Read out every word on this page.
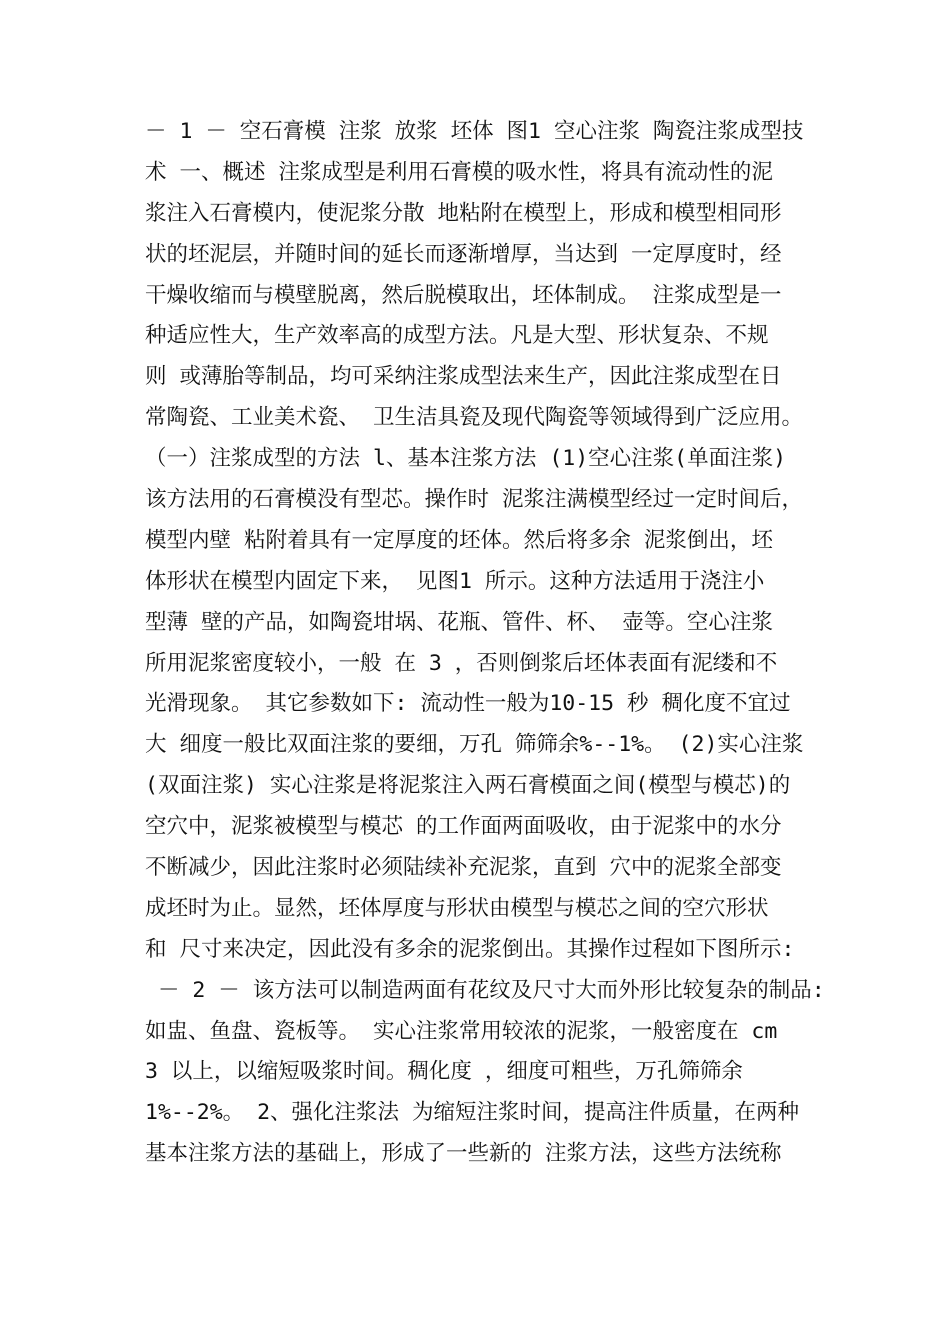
－ 1 － 空石膏模 注浆 放浆 坯体 图1 空心注浆 陶瓷注浆成型技

术 一、概述 注浆成型是利用石膏模的吸水性，将具有流动性的泥

浆注入石膏模内，使泥浆分散 地粘附在模型上，形成和模型相同形

状的坯泥层，并随时间的延长而逐渐增厚，当达到 一定厚度时，经

干燥收缩而与模壁脱离，然后脱模取出，坯体制成。 注浆成型是一

种适应性大，生产效率高的成型方法。凡是大型、形状复杂、不规

则 或薄胎等制品，均可采纳注浆成型法来生产，因此注浆成型在日

常陶瓷、工业美术瓷、 卫生洁具瓷及现代陶瓷等领域得到广泛应用。

（一）注浆成型的方法 l、基本注浆方法 (1)空心注浆(单面注浆)

该方法用的石膏模没有型芯。操作时 泥浆注满模型经过一定时间后，

模型内壁 粘附着具有一定厚度的坯体。然后将多余 泥浆倒出，坯

体形状在模型内固定下来， 见图1 所示。这种方法适用于浇注小

型薄 壁的产品，如陶瓷坩埚、花瓶、管件、杯、 壶等。空心注浆

所用泥浆密度较小，一般 在 3 ，否则倒浆后坯体表面有泥缕和不

光滑现象。 其它参数如下: 流动性一般为10-15 秒 稠化度不宜过

大 细度一般比双面注浆的要细，万孔 筛筛余%--1%。 (2)实心注浆

(双面注浆) 实心注浆是将泥浆注入两石膏模面之间(模型与模芯)的

空穴中，泥浆被模型与模芯 的工作面两面吸收，由于泥浆中的水分

不断减少，因此注浆时必须陆续补充泥浆，直到 穴中的泥浆全部变

成坯时为止。显然，坯体厚度与形状由模型与模芯之间的空穴形状

和 尺寸来决定，因此没有多余的泥浆倒出。其操作过程如下图所示:

－ 2 － 该方法可以制造两面有花纹及尺寸大而外形比较复杂的制品:

如盅、鱼盘、瓷板等。 实心注浆常用较浓的泥浆，一般密度在 cm

3 以上，以缩短吸浆时间。稠化度 ，细度可粗些，万孔筛筛余

1%--2%。 2、强化注浆法 为缩短注浆时间，提高注件质量，在两种

基本注浆方法的基础上，形成了一些新的 注浆方法，这些方法统称
